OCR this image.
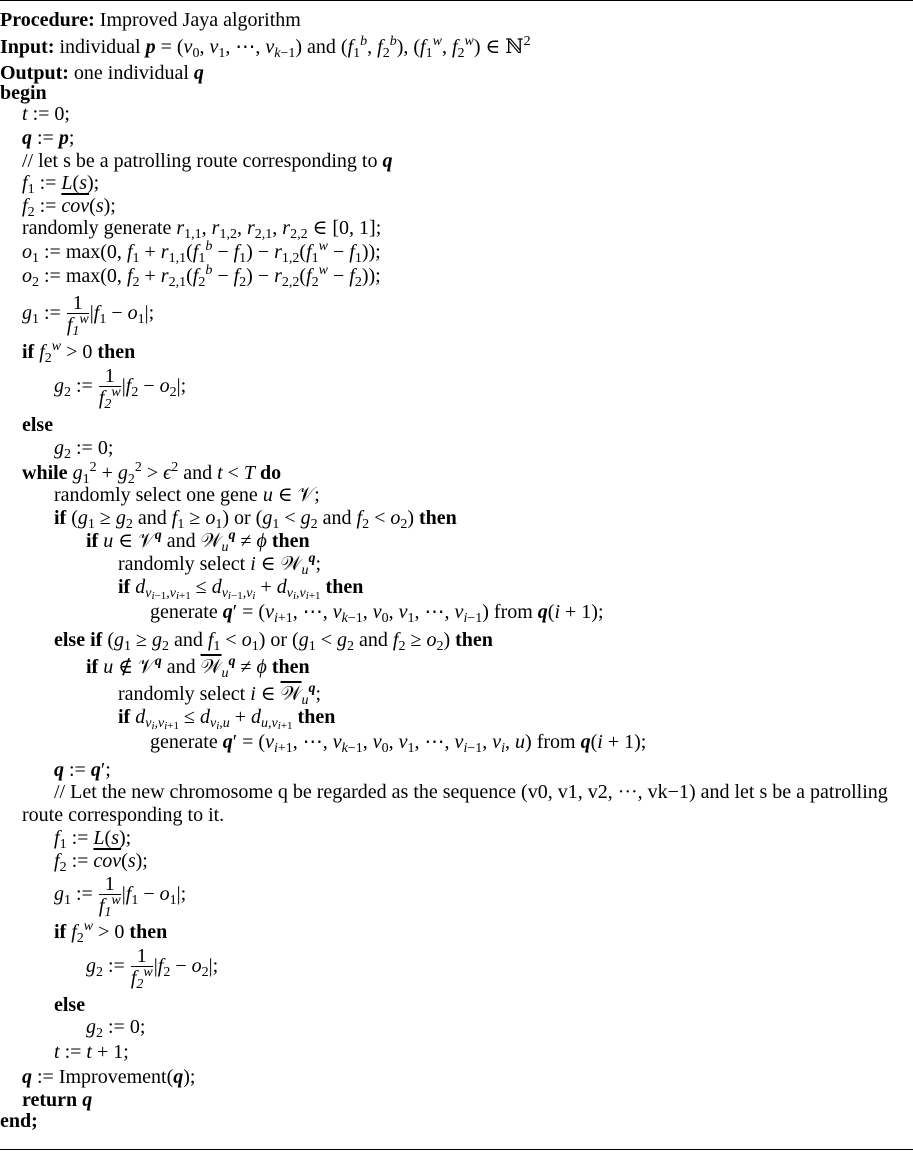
Procedure: Improved Jaya algorithm
Input: individual $p = (v_0$, $v_1$, ⋯, $v_{k-1}$) and ($f_1^b$, $f_2^b$), ($f_1^w$, $f_2^w$) ∈ ℕ$^2$
Output: one individual q
begin
t := 0;
q := p;
// let s be a patrolling route corresponding to q
$f_1$ := L(s);
$f_2$ := $\overline{cov}(s)$;
randomly generate $r_{1,1}$, $r_{1,2}$, $r_{2,1}$, $r_{2,2}$ ∈ [0, 1];
$o_1$ := max(0, $f_1 + r_{1,1}(f_1^b - f_1) - r_{1,2}(f_1^w - f_1)$);
$o_2$ := max(0, $f_2 + r_{2,1}(f_2^b - f_2) - r_{2,2}(f_2^w - f_2)$);
$g_1$ := $\frac{1}{f_1^w} |f_1 - o_1|$;
if $f_2^w > 0$ then
$g_2$ := $\frac{1}{f_2^w} |f_2 - o_2|$;
else
$g_2$ := 0;
while $g_1^2 + g_2^2 > \epsilon^2$ and t < T do
randomly select one gene u ∈ 𝒱;
if ($g_1 \ge g_2$ and $f_1 \ge o_1$) or ($g_1 < g_2$ and $f_2 < o_2$) then
if u ∈ 𝒱$^q$ and 𝒲$_u^q$ ≠ ϕ then
randomly select i ∈ 𝒲$_u^q$;
if $d_{v_{i-1},v_{i+1}} \le d_{v_{i-1},v_i} + d_{v_i,v_{i+1}}$ then
generate $q' = (v_{i+1}$, ⋯, $v_{k-1}$, $v_0$, $v_1$, ⋯, $v_{i-1}$) from q(i + 1);
else if ($g_1 \ge g_2$ and $f_1 < o_1$) or ($g_1 < g_2$ and $f_2 \ge o_2$) then
if u ∉ 𝒱$^q$ and 𝒲$_u^q$ ≠ ϕ then
randomly select i ∈ 𝒲$_u^q$;
if $d_{v_i,v_{i+1}} \le d_{v_i,u} + d_{u,v_{i+1}}$ then
generate $q' = (v_{i+1}$, ⋯, $v_{k-1}$, $v_0$, $v_1$, ⋯, $v_{i-1}$, $v_i$, u) from q(i + 1);
q := q′;
// Let the new chromosome q be regarded as the sequence (v0, v1, v2, ···, vk−1) and let s be a patrolling route corresponding to it.
$f_1$ := L(s);
$f_2$ := $\overline{cov}(s)$;
$g_1$ := $\frac{1}{f_1^w} |f_1 - o_1|$;
if $f_2^w > 0$ then
$g_2$ := $\frac{1}{f_2^w} |f_2 - o_2|$;
else
$g_2$ := 0;
t := t + 1;
q := Improvement(q);
return q
end;
